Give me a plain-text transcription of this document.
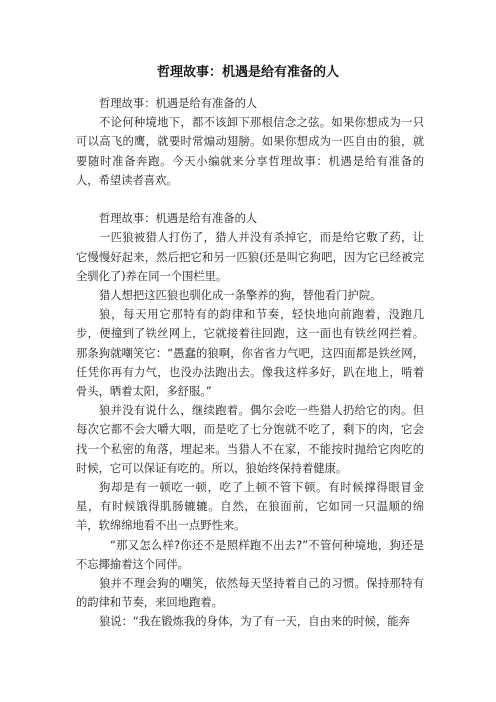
哲理故事：机遇是给有准备的人

哲理故事：机遇是给有准备的人

不论何种境地下，都不该卸下那根信念之弦。如果你想成为一只可以高飞的鹰，就要时常煽动翅膀。如果你想成为一匹自由的狼，就要随时准备奔跑。今天小编就来分享哲理故事：机遇是给有准备的人，希望读者喜欢。

哲理故事：机遇是给有准备的人

一匹狼被猎人打伤了，猎人并没有杀掉它，而是给它敷了药，让它慢慢好起来，然后把它和另一匹狼(还是叫它狗吧，因为它已经被完全驯化了)养在同一个围栏里。

猎人想把这匹狼也驯化成一条擎养的狗，替他看门护院。

狼，每天用它那特有的韵律和节奏，轻快地向前跑着，没跑几步，便撞到了铁丝网上，它就接着往回跑，这一面也有铁丝网拦着。那条狗就嘲笑它：“愚蠢的狼啊，你省省力气吧，这四面都是铁丝网，任凭你再有力气，也没办法跑出去。像我这样多好，趴在地上，啃着骨头，晒着太阳，多舒服。”

狼并没有说什么，继续跑着。偶尔会吃一些猎人扔给它的肉。但每次它都不会大嚼大咽，而是吃了七分饱就不吃了，剩下的肉，它会找一个私密的角落，埋起来。当猎人不在家，不能按时抛给它肉吃的时候，它可以保证有吃的。所以，狼始终保持着健康。

狗却是有一顿吃一顿，吃了上顿不管下顿。有时候撑得眼冒金星，有时候饿得肌肠辘辘。自然，在狼面前，它如同一只温顺的绵羊，软绵绵地看不出一点野性来。

“那又怎么样?你还不是照样跑不出去?”不管何种境地，狗还是不忘揶揄着这个同伴。

狼并不理会狗的嘲笑，依然每天坚持着自己的习惯。保持那特有的韵律和节奏，来回地跑着。

狼说：“我在锻炼我的身体，为了有一天，自由来的时候，能奔
